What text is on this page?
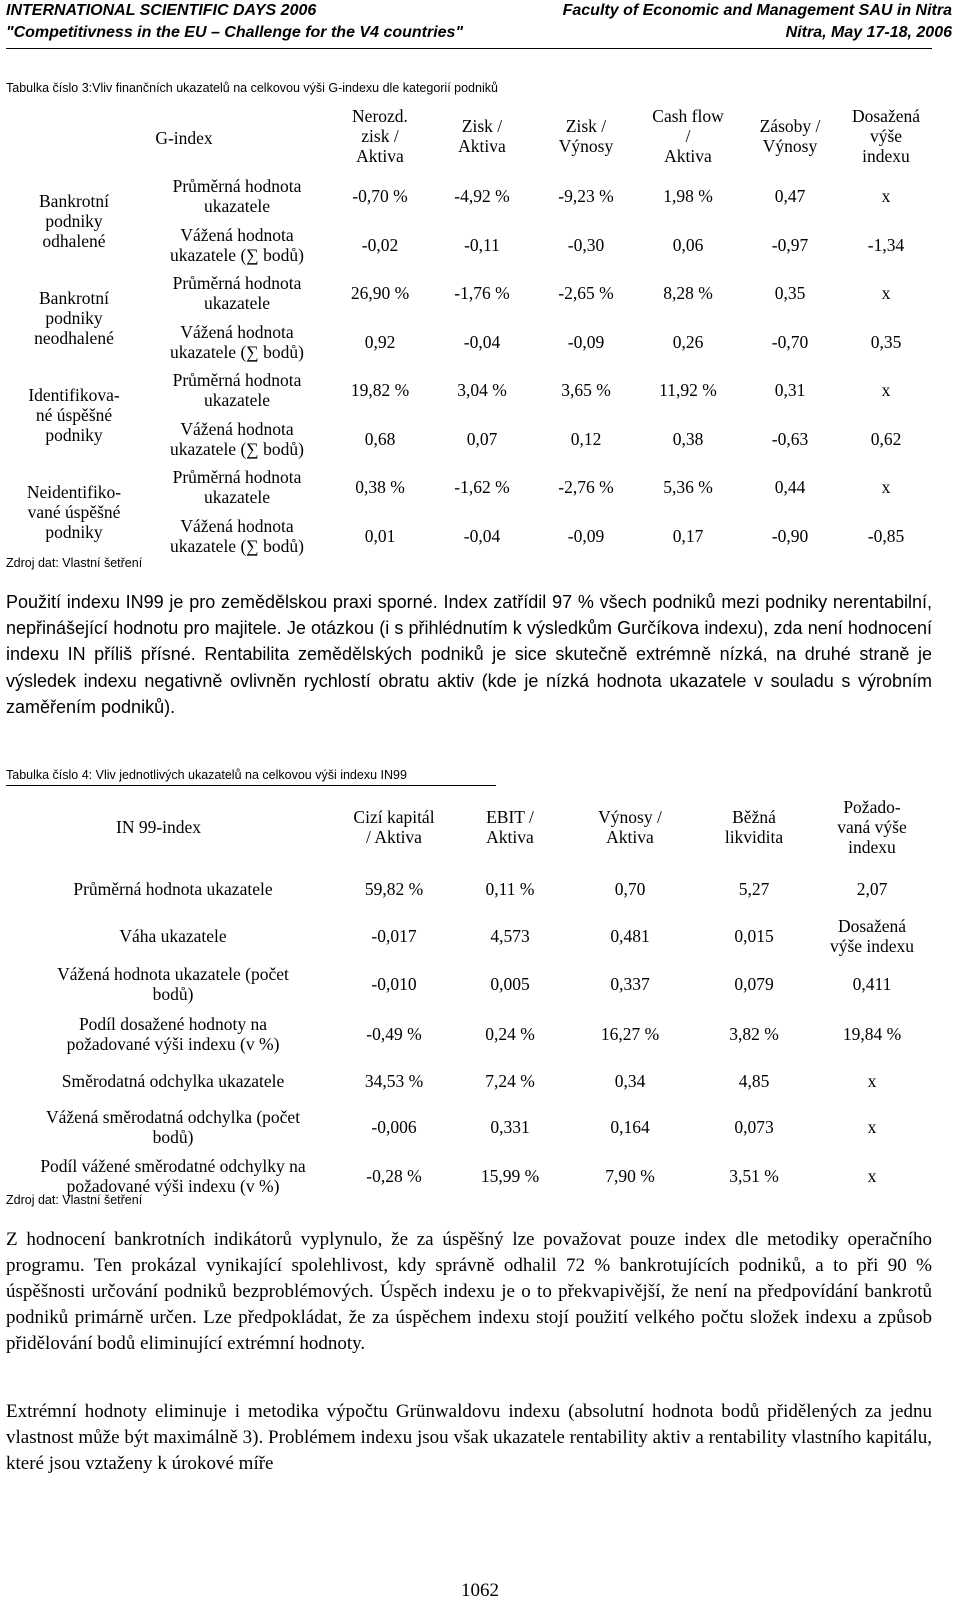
INTERNATIONAL SCIENTIFIC DAYS 2006	Faculty of Economic and Management SAU in Nitra
"Competitivness in the EU – Challenge for the V4 countries"	Nitra, May 17-18, 2006
Tabulka číslo 3:Vliv finančních ukazatelů na celkovou výši G-indexu dle kategorií podniků
G-index		Nerozd.
zisk /
Aktiva	Zisk /
Aktiva	Zisk /
Výnosy	Cash flow
/
Aktiva	Zásoby /
Výnosy	Dosažená
výše
indexu
Bankrotní
podniky
odhalené	Průměrná hodnota
ukazatele	-0,70 %	-4,92 %	-9,23 %	1,98 %	0,47	x
	Vážená hodnota
ukazatele (∑ bodů)	-0,02	-0,11	-0,30	0,06	-0,97	-1,34
Bankrotní
podniky
neodhalené	Průměrná hodnota
ukazatele	26,90 %	-1,76 %	-2,65 %	8,28 %	0,35	x
	Vážená hodnota
ukazatele (∑ bodů)	0,92	-0,04	-0,09	0,26	-0,70	0,35
Identifikova-
né úspěšné
podniky	Průměrná hodnota
ukazatele	19,82 %	3,04 %	3,65 %	11,92 %	0,31	x
	Vážená hodnota
ukazatele (∑ bodů)	0,68	0,07	0,12	0,38	-0,63	0,62
Neidentifiko-
vané úspěšné
podniky	Průměrná hodnota
ukazatele	0,38 %	-1,62 %	-2,76 %	5,36 %	0,44	x
	Vážená hodnota
ukazatele (∑ bodů)	0,01	-0,04	-0,09	0,17	-0,90	-0,85
Zdroj dat: Vlastní šetření

Použití indexu IN99 je pro zemědělskou praxi sporné. Index zatřídil 97 % všech podniků mezi podniky nerentabilní, nepřinášející hodnotu pro majitele. Je otázkou (i s přihlédnutím k výsledkům Gurčíkova indexu), zda není hodnocení indexu IN příliš přísné. Rentabilita zemědělských podniků je sice skutečně extrémně nízká, na druhé straně je výsledek indexu negativně ovlivněn rychlostí obratu aktiv (kde je nízká hodnota ukazatele v souladu s výrobním zaměřením podniků).

Tabulka číslo 4: Vliv jednotlivých ukazatelů na celkovou výši indexu IN99
IN 99-index	Cizí kapitál
/ Aktiva	EBIT /
Aktiva	Výnosy /
Aktiva	Běžná
likvidita	Požado-
vaná výše
indexu
Průměrná hodnota ukazatele	59,82 %	0,11 %	0,70	5,27	2,07
Váha ukazatele	-0,017	4,573	0,481	0,015	Dosažená
výše indexu
Vážená hodnota ukazatele (počet
bodů)	-0,010	0,005	0,337	0,079	0,411
Podíl dosažené hodnoty na
požadované výši indexu (v %)	-0,49 %	0,24 %	16,27 %	3,82 %	19,84 %
Směrodatná odchylka ukazatele	34,53 %	7,24 %	0,34	4,85	x
Vážená směrodatná odchylka (počet
bodů)	-0,006	0,331	0,164	0,073	x
Podíl vážené směrodatné odchylky na
požadované výši indexu (v %)	-0,28 %	15,99 %	7,90 %	3,51 %	x
Zdroj dat: Vlastní šetření

Z hodnocení bankrotních indikátorů vyplynulo, že za úspěšný lze považovat pouze index dle metodiky operačního programu. Ten prokázal vynikající spolehlivost, kdy správně odhalil 72 % bankrotujících podniků, a to při 90 % úspěšnosti určování podniků bezproblémových. Úspěch indexu je o to překvapivější, že není na předpovídání bankrotů podniků primárně určen. Lze předpokládat, že za úspěchem indexu stojí použití velkého počtu složek indexu a způsob přidělování bodů eliminující extrémní hodnoty.

Extrémní hodnoty eliminuje i metodika výpočtu Grünwaldovu indexu (absolutní hodnota bodů přidělených za jednu vlastnost může být maximálně 3). Problémem indexu jsou však ukazatele rentability aktiv a rentability vlastního kapitálu, které jsou vztaženy k úrokové míře

1062
